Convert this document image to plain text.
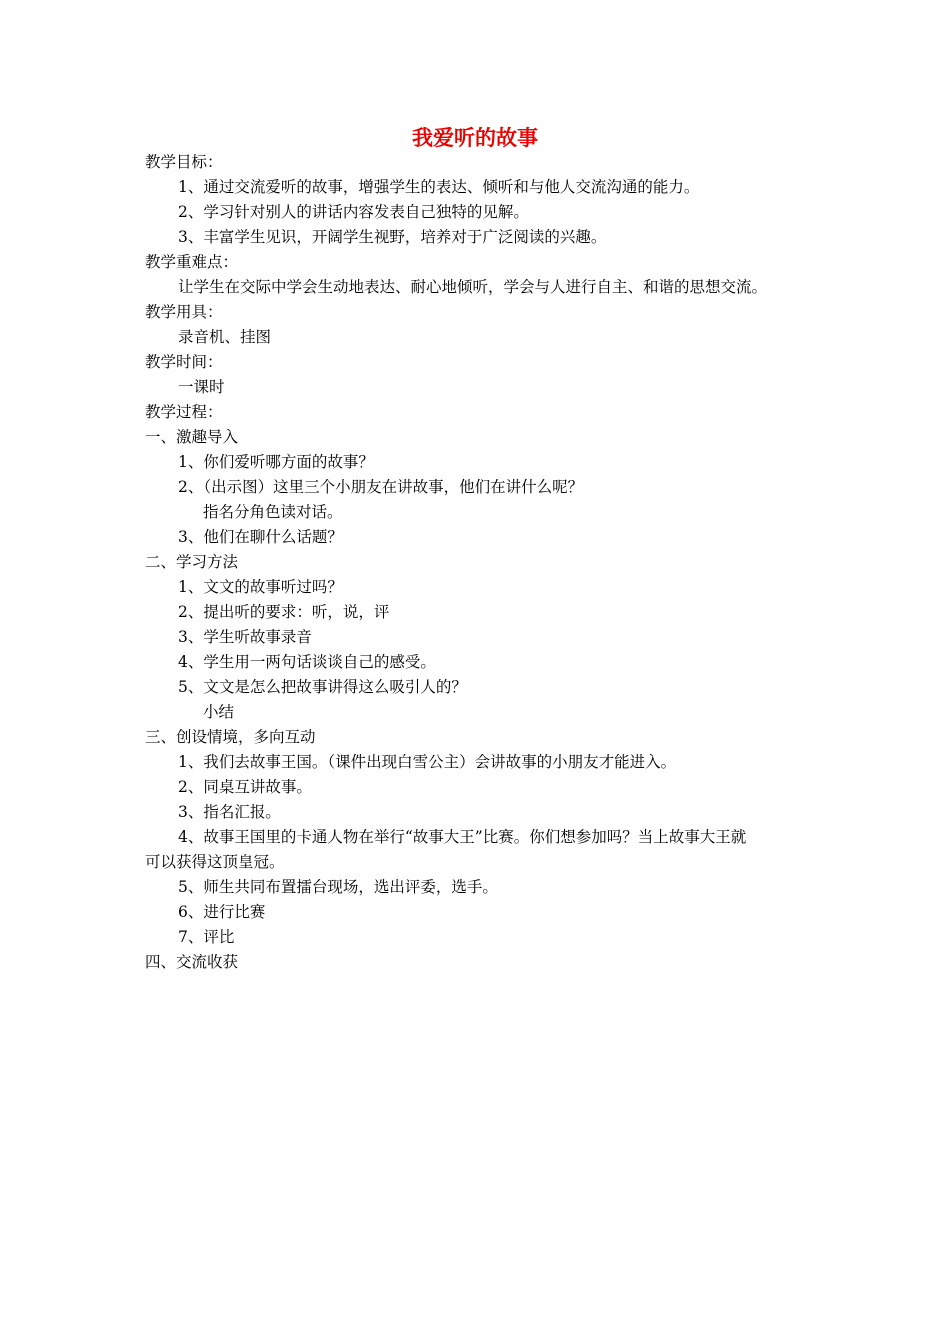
我爱听的故事
教学目标：
1、通过交流爱听的故事，增强学生的表达、倾听和与他人交流沟通的能力。
2、学习针对别人的讲话内容发表自己独特的见解。
3、丰富学生见识，开阔学生视野，培养对于广泛阅读的兴趣。
教学重难点：
让学生在交际中学会生动地表达、耐心地倾听，学会与人进行自主、和谐的思想交流。
教学用具：
录音机、挂图
教学时间：
一课时
教学过程：
一、激趣导入
1、你们爱听哪方面的故事？
2、（出示图）这里三个小朋友在讲故事，他们在讲什么呢？
指名分角色读对话。
3、他们在聊什么话题？
二、学习方法
1、文文的故事听过吗？
2、提出听的要求：听，说，评
3、学生听故事录音
4、学生用一两句话谈谈自己的感受。
5、文文是怎么把故事讲得这么吸引人的？
小结
三、创设情境，多向互动
1、我们去故事王国。（课件出现白雪公主）会讲故事的小朋友才能进入。
2、同桌互讲故事。
3、指名汇报。
4、故事王国里的卡通人物在举行“故事大王”比赛。你们想参加吗？当上故事大王就
可以获得这顶皇冠。
5、师生共同布置擂台现场，选出评委，选手。
6、进行比赛
7、评比
四、交流收获
